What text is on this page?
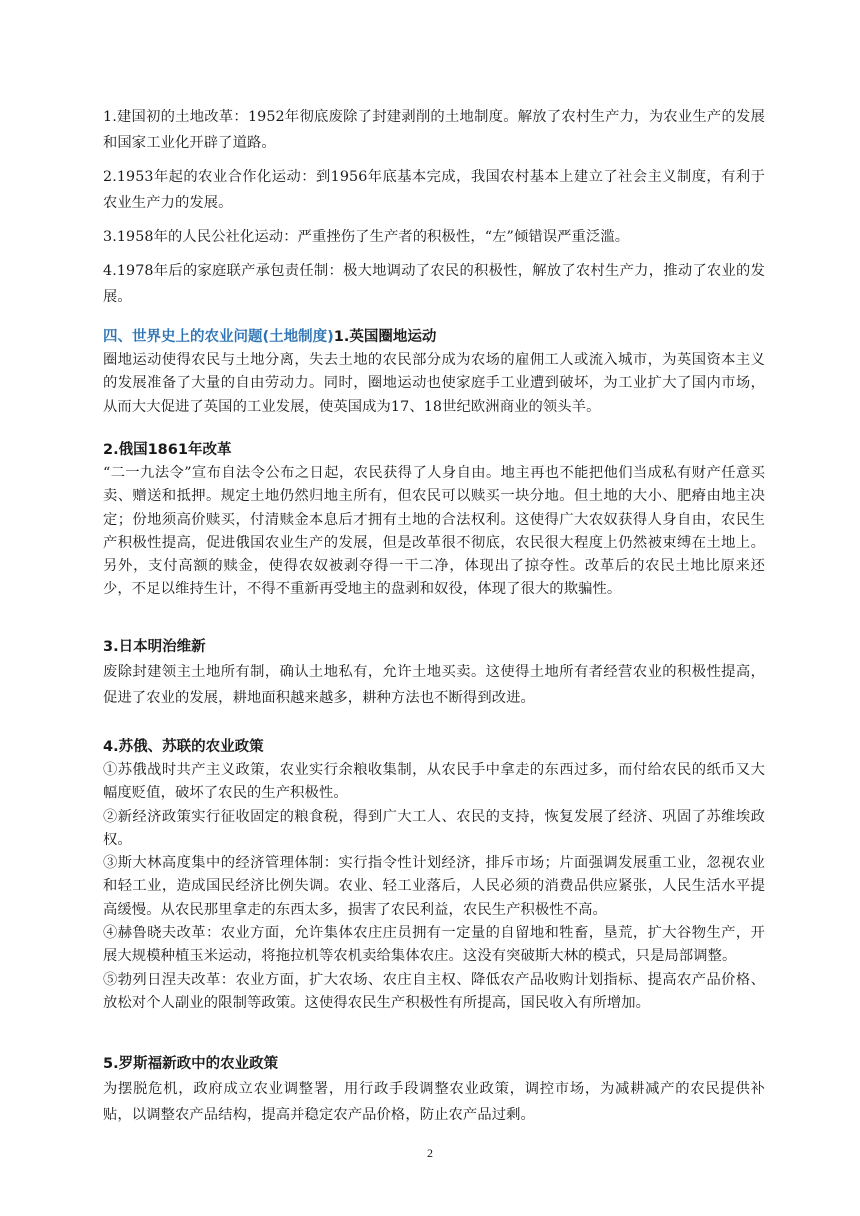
1.建国初的土地改革：1952年彻底废除了封建剥削的土地制度。解放了农村生产力，为农业生产的发展和国家工业化开辟了道路。

2.1953年起的农业合作化运动：到1956年底基本完成，我国农村基本上建立了社会主义制度，有利于农业生产力的发展。

3.1958年的人民公社化运动：严重挫伤了生产者的积极性，“左”倾错误严重泛滥。

4.1978年后的家庭联产承包责任制：极大地调动了农民的积极性，解放了农村生产力，推动了农业的发展。

四、世界史上的农业问题(土地制度)1.英国圈地运动

圈地运动使得农民与土地分离，失去土地的农民部分成为农场的雇佣工人或流入城市，为英国资本主义的发展准备了大量的自由劳动力。同时，圈地运动也使家庭手工业遭到破坏，为工业扩大了国内市场，从而大大促进了英国的工业发展，使英国成为17、18世纪欧洲商业的领头羊。

2.俄国1861年改革

“二一九法令”宣布自法令公布之日起，农民获得了人身自由。地主再也不能把他们当成私有财产任意买卖、赠送和抵押。规定土地仍然归地主所有，但农民可以赎买一块分地。但土地的大小、肥瘠由地主决定；份地须高价赎买，付清赎金本息后才拥有土地的合法权利。这使得广大农奴获得人身自由，农民生产积极性提高，促进俄国农业生产的发展，但是改革很不彻底，农民很大程度上仍然被束缚在土地上。另外，支付高额的赎金，使得农奴被剥夺得一干二净，体现出了掠夺性。改革后的农民土地比原来还少，不足以维持生计，不得不重新再受地主的盘剥和奴役，体现了很大的欺骗性。

3.日本明治维新

废除封建领主土地所有制，确认土地私有，允许土地买卖。这使得土地所有者经营农业的积极性提高，促进了农业的发展，耕地面积越来越多，耕种方法也不断得到改进。

4.苏俄、苏联的农业政策

①苏俄战时共产主义政策，农业实行余粮收集制，从农民手中拿走的东西过多，而付给农民的纸币又大幅度贬值，破坏了农民的生产积极性。

②新经济政策实行征收固定的粮食税，得到广大工人、农民的支持，恢复发展了经济、巩固了苏维埃政权。

③斯大林高度集中的经济管理体制：实行指令性计划经济，排斥市场；片面强调发展重工业，忽视农业和轻工业，造成国民经济比例失调。农业、轻工业落后，人民必须的消费品供应紧张，人民生活水平提高缓慢。从农民那里拿走的东西太多，损害了农民利益，农民生产积极性不高。

④赫鲁晓夫改革：农业方面，允许集体农庄庄员拥有一定量的自留地和牲畜，垦荒，扩大谷物生产，开展大规模种植玉米运动，将拖拉机等农机卖给集体农庄。这没有突破斯大林的模式，只是局部调整。

⑤勃列日涅夫改革：农业方面，扩大农场、农庄自主权、降低农产品收购计划指标、提高农产品价格、放松对个人副业的限制等政策。这使得农民生产积极性有所提高，国民收入有所增加。

5.罗斯福新政中的农业政策

为摆脱危机，政府成立农业调整署，用行政手段调整农业政策，调控市场，为减耕减产的农民提供补贴，以调整农产品结构，提高并稳定农产品价格，防止农产品过剩。

2
